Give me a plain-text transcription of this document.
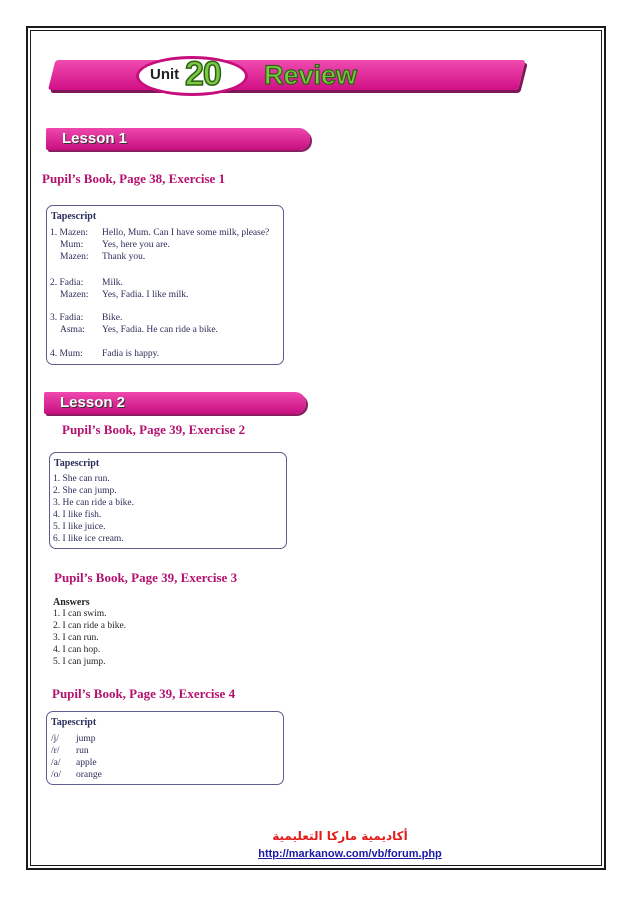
Unit 20 Review
Lesson 1
Pupil’s Book, Page 38, Exercise 1
Tapescript
1. Mazen: Hello, Mum. Can I have some milk, please?
Mum: Yes, here you are.
Mazen: Thank you.
2. Fadia: Milk.
Mazen: Yes, Fadia. I like milk.
3. Fadia: Bike.
Asma: Yes, Fadia. He can ride a bike.
4. Mum: Fadia is happy.
Lesson 2
Pupil’s Book, Page 39, Exercise 2
Tapescript
1. She can run.
2. She can jump.
3. He can ride a bike.
4. I like fish.
5. I like juice.
6. I like ice cream.
Pupil’s Book, Page 39, Exercise 3
Answers
1. I can swim.
2. I can ride a bike.
3. I can run.
4. I can hop.
5. I can jump.
Pupil’s Book, Page 39, Exercise 4
Tapescript
/j/ jump
/r/ run
/a/ apple
/o/ orange
أكاديمية ماركا التعليمية
http://markanow.com/vb/forum.php
